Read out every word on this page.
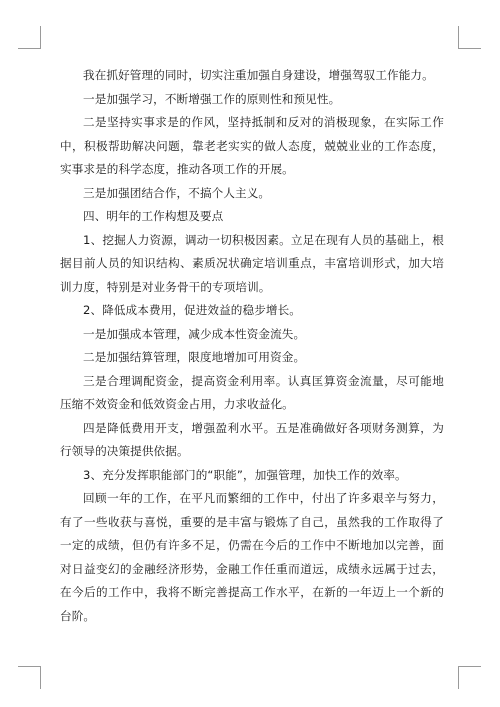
我在抓好管理的同时，切实注重加强自身建设，增强驾驭工作能力。

一是加强学习，不断增强工作的原则性和预见性。

二是坚持实事求是的作风，坚持抵制和反对的消极现象，在实际工作中，积极帮助解决问题，靠老老实实的做人态度，兢兢业业的工作态度，实事求是的科学态度，推动各项工作的开展。

三是加强团结合作，不搞个人主义。

四、明年的工作构想及要点

1、挖掘人力资源，调动一切积极因素。立足在现有人员的基础上，根据目前人员的知识结构、素质况状确定培训重点，丰富培训形式，加大培训力度，特别是对业务骨干的专项培训。

2、降低成本费用，促进效益的稳步增长。

一是加强成本管理，减少成本性资金流失。

二是加强结算管理，限度地增加可用资金。

三是合理调配资金，提高资金利用率。认真匡算资金流量，尽可能地压缩不效资金和低效资金占用，力求收益化。

四是降低费用开支，增强盈利水平。五是准确做好各项财务测算，为行领导的决策提供依据。

3、充分发挥职能部门的“职能”，加强管理，加快工作的效率。

回顾一年的工作，在平凡而繁细的工作中，付出了许多艰辛与努力，有了一些收获与喜悦，重要的是丰富与锻炼了自己，虽然我的工作取得了一定的成绩，但仍有许多不足，仍需在今后的工作中不断地加以完善，面对日益变幻的金融经济形势，金融工作任重而道远，成绩永远属于过去，在今后的工作中，我将不断完善提高工作水平，在新的一年迈上一个新的台阶。
